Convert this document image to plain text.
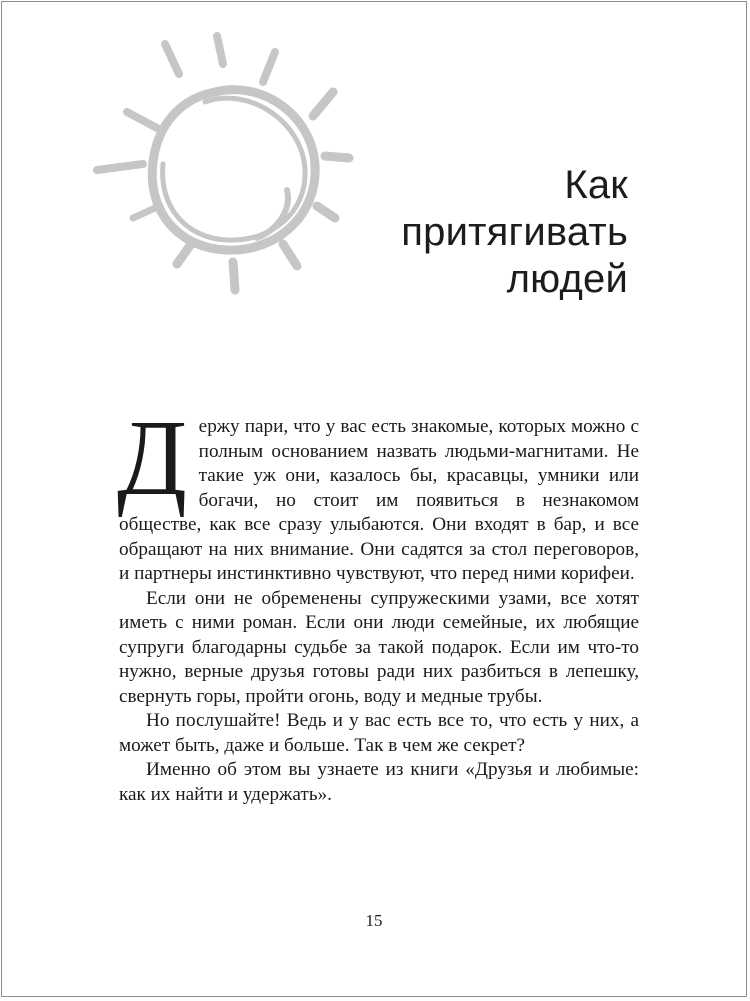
Как
притягивать
людей

Держу пари, что у вас есть знакомые, которых можно с полным основанием назвать людьми-магнитами. Не такие уж они, казалось бы, красавцы, умники или богачи, но стоит им появиться в незнакомом обществе, как все сразу улыбаются. Они входят в бар, и все обращают на них внимание. Они садятся за стол переговоров, и партнеры инстинктивно чувствуют, что перед ними корифеи.

Если они не обременены супружескими узами, все хотят иметь с ними роман. Если они люди семейные, их любящие супруги благодарны судьбе за такой подарок. Если им что-то нужно, верные друзья готовы ради них разбиться в лепешку, свернуть горы, пройти огонь, воду и медные трубы.

Но послушайте! Ведь и у вас есть все то, что есть у них, а может быть, даже и больше. Так в чем же секрет?

Именно об этом вы узнаете из книги «Друзья и любимые: как их найти и удержать».

15
